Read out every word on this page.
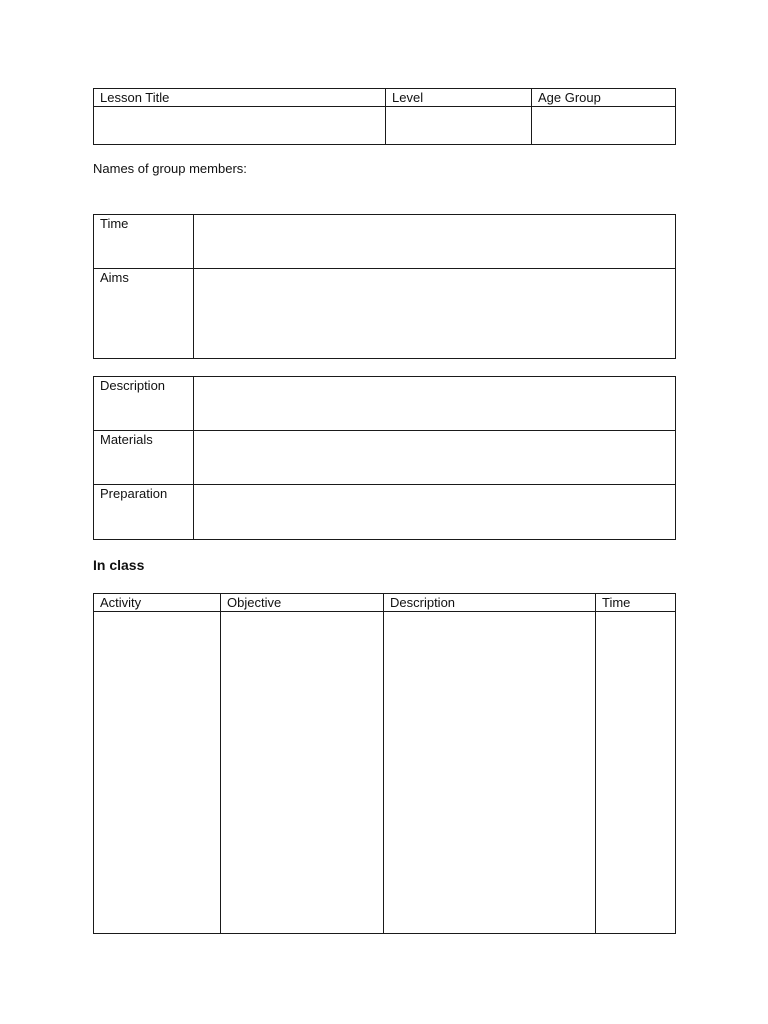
Lesson Title	Level	Age Group

Names of group members:
Time	

Aims	

Description	

Materials	

Preparation	

In class
Activity	Objective	Description	Time
